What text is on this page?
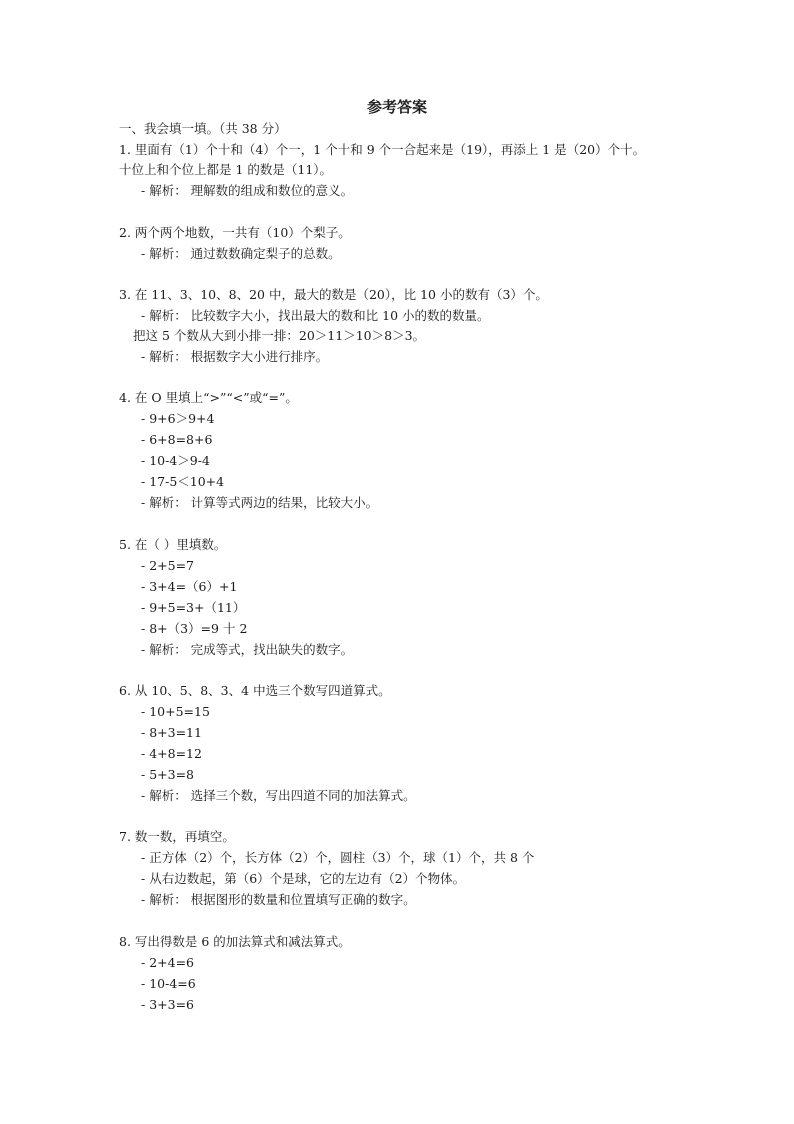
参考答案
一、我会填一填。（共 38 分）
1. 里面有（1）个十和（4）个一，1 个十和 9 个一合起来是（19），再添上 1 是（20）个十。
十位上和个位上都是 1 的数是（11）。
- 解析： 理解数的组成和数位的意义。
2. 两个两个地数，一共有（10）个梨子。
- 解析： 通过数数确定梨子的总数。
3. 在 11、3、10、8、20 中，最大的数是（20），比 10 小的数有（3）个。
- 解析： 比较数字大小，找出最大的数和比 10 小的数的数量。
把这 5 个数从大到小排一排：20＞11＞10＞8＞3。
- 解析： 根据数字大小进行排序。
4. 在 O 里填上“>”“<”或“=”。
- 9+6＞9+4
- 6+8=8+6
- 10-4＞9-4
- 17-5＜10+4
- 解析： 计算等式两边的结果，比较大小。
5. 在（ ）里填数。
- 2+5=7
- 3+4=（6）+1
- 9+5=3+（11）
- 8+（3）=9 十 2
- 解析： 完成等式，找出缺失的数字。
6. 从 10、5、8、3、4 中选三个数写四道算式。
- 10+5=15
- 8+3=11
- 4+8=12
- 5+3=8
- 解析： 选择三个数，写出四道不同的加法算式。
7. 数一数，再填空。
- 正方体（2）个，长方体（2）个，圆柱（3）个，球（1）个，共 8 个
- 从右边数起，第（6）个是球，它的左边有（2）个物体。
- 解析： 根据图形的数量和位置填写正确的数字。
8. 写出得数是 6 的加法算式和减法算式。
- 2+4=6
- 10-4=6
- 3+3=6
